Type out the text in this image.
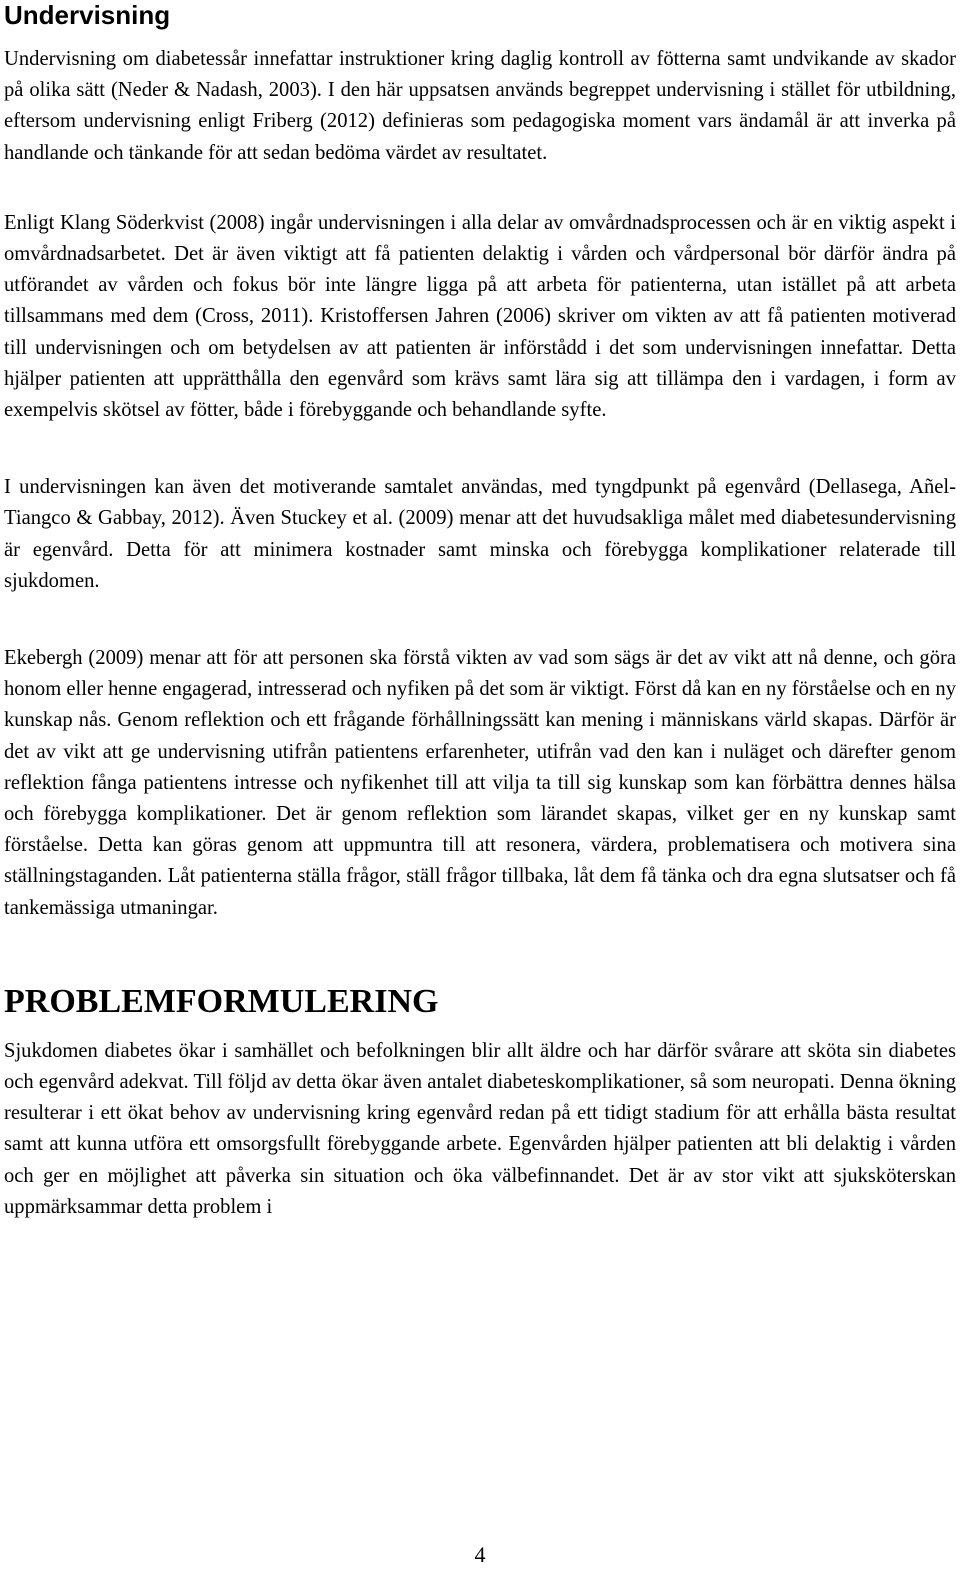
Undervisning

Undervisning om diabetessår innefattar instruktioner kring daglig kontroll av fötterna samt undvikande av skador på olika sätt (Neder & Nadash, 2003). I den här uppsatsen används begreppet undervisning i stället för utbildning, eftersom undervisning enligt Friberg (2012) definieras som pedagogiska moment vars ändamål är att inverka på handlande och tänkande för att sedan bedöma värdet av resultatet.

Enligt Klang Söderkvist (2008) ingår undervisningen i alla delar av omvårdnadsprocessen och är en viktig aspekt i omvårdnadsarbetet. Det är även viktigt att få patienten delaktig i vården och vårdpersonal bör därför ändra på utförandet av vården och fokus bör inte längre ligga på att arbeta för patienterna, utan istället på att arbeta tillsammans med dem (Cross, 2011). Kristoffersen Jahren (2006) skriver om vikten av att få patienten motiverad till undervisningen och om betydelsen av att patienten är införstådd i det som undervisningen innefattar. Detta hjälper patienten att upprätthålla den egenvård som krävs samt lära sig att tillämpa den i vardagen, i form av exempelvis skötsel av fötter, både i förebyggande och behandlande syfte.

I undervisningen kan även det motiverande samtalet användas, med tyngdpunkt på egenvård (Dellasega, Añel-Tiangco & Gabbay, 2012). Även Stuckey et al. (2009) menar att det huvudsakliga målet med diabetesundervisning är egenvård. Detta för att minimera kostnader samt minska och förebygga komplikationer relaterade till sjukdomen.

Ekebergh (2009) menar att för att personen ska förstå vikten av vad som sägs är det av vikt att nå denne, och göra honom eller henne engagerad, intresserad och nyfiken på det som är viktigt. Först då kan en ny förståelse och en ny kunskap nås. Genom reflektion och ett frågande förhållningssätt kan mening i människans värld skapas. Därför är det av vikt att ge undervisning utifrån patientens erfarenheter, utifrån vad den kan i nuläget och därefter genom reflektion fånga patientens intresse och nyfikenhet till att vilja ta till sig kunskap som kan förbättra dennes hälsa och förebygga komplikationer. Det är genom reflektion som lärandet skapas, vilket ger en ny kunskap samt förståelse. Detta kan göras genom att uppmuntra till att resonera, värdera, problematisera och motivera sina ställningstaganden. Låt patienterna ställa frågor, ställ frågor tillbaka, låt dem få tänka och dra egna slutsatser och få tankemässiga utmaningar.

PROBLEMFORMULERING

Sjukdomen diabetes ökar i samhället och befolkningen blir allt äldre och har därför svårare att sköta sin diabetes och egenvård adekvat. Till följd av detta ökar även antalet diabeteskomplikationer, så som neuropati. Denna ökning resulterar i ett ökat behov av undervisning kring egenvård redan på ett tidigt stadium för att erhålla bästa resultat samt att kunna utföra ett omsorgsfullt förebyggande arbete. Egenvården hjälper patienten att bli delaktig i vården och ger en möjlighet att påverka sin situation och öka välbefinnandet. Det är av stor vikt att sjuksköterskan uppmärksammar detta problem i

4
